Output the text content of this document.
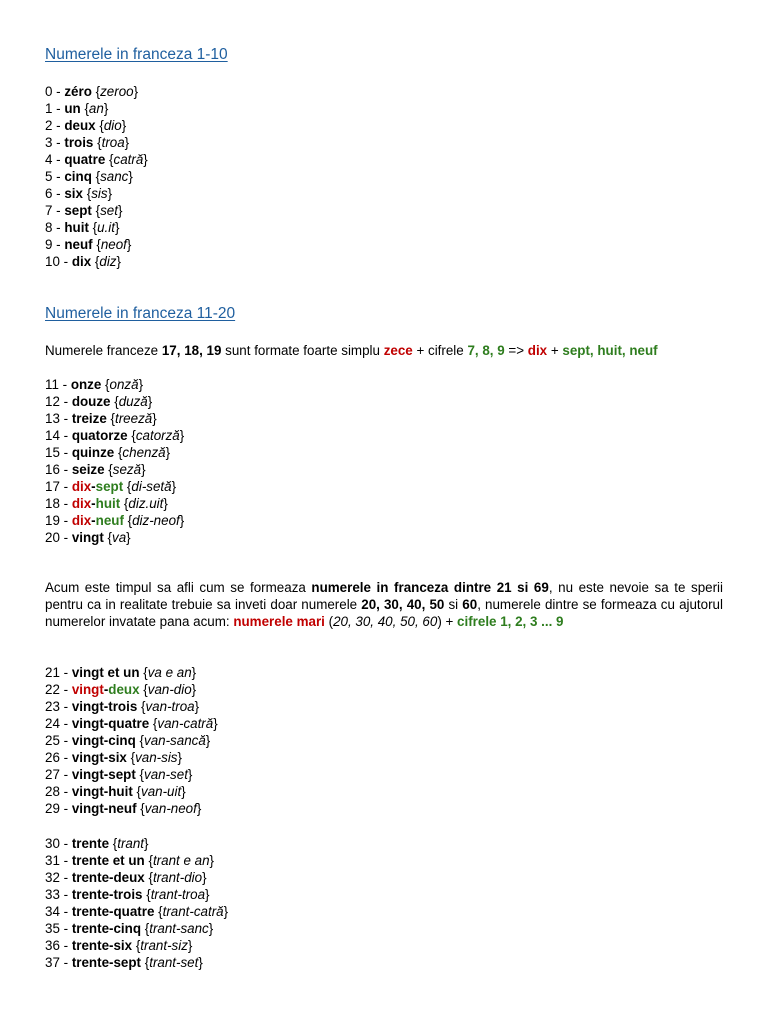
Numerele in franceza 1-10
0 - zéro {zeroo}
1 - un {an}
2 - deux {dio}
3 - trois {troa}
4 - quatre {catră}
5 - cinq {sanc}
6 - six {sis}
7 - sept {set}
8 - huit {u.it}
9 - neuf {neof}
10 - dix {diz}
Numerele in franceza 11-20

Numerele franceze 17, 18, 19 sunt formate foarte simplu zece + cifrele 7, 8, 9 => dix + sept, huit, neuf

11 - onze {onză}
12 - douze {duză}
13 - treize {treeză}
14 - quatorze {catorză}
15 - quinze {chenză}
16 - seize {seză}
17 - dix-sept {di-setă}
18 - dix-huit {diz.uit}
19 - dix-neuf {diz-neof}
20 - vingt {va}

Acum este timpul sa afli cum se formeaza numerele in franceza dintre 21 si 69, nu este nevoie sa te sperii pentru ca in realitate trebuie sa inveti doar numerele 20, 30, 40, 50 si 60, numerele dintre se formeaza cu ajutorul numerelor invatate pana acum: numerele mari (20, 30, 40, 50, 60) + cifrele 1, 2, 3 ... 9

21 - vingt et un {va e an}
22 - vingt-deux {van-dio}
23 - vingt-trois {van-troa}
24 - vingt-quatre {van-catră}
25 - vingt-cinq {van-sancă}
26 - vingt-six {van-sis}
27 - vingt-sept {van-set}
28 - vingt-huit {van-uit}
29 - vingt-neuf {van-neof}
30 - trente {trant}
31 - trente et un {trant e an}
32 - trente-deux {trant-dio}
33 - trente-trois {trant-troa}
34 - trente-quatre {trant-catră}
35 - trente-cinq {trant-sanc}
36 - trente-six {trant-siz}
37 - trente-sept {trant-set}
